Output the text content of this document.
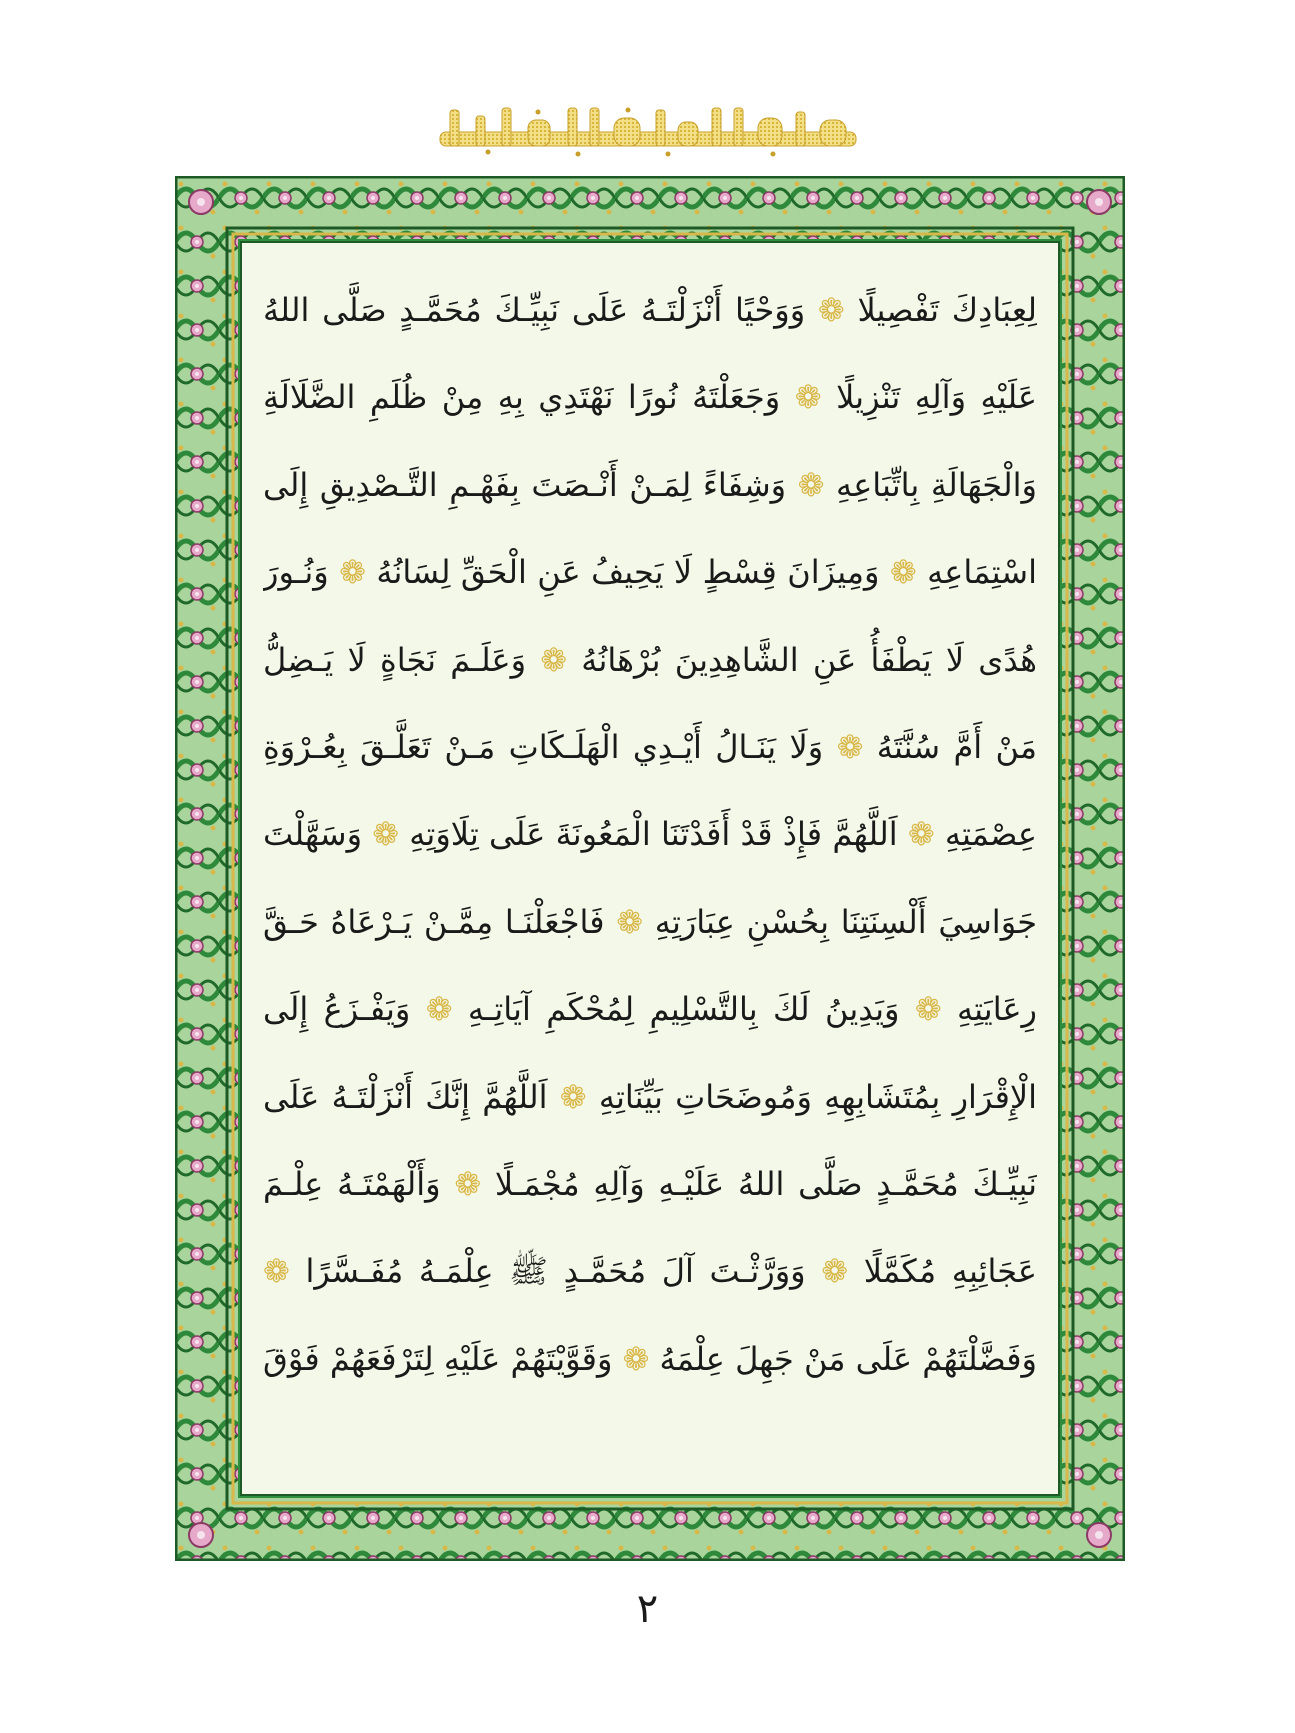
لِعِبَادِكَ تَفْصِيلًا ❁ وَوَحْيًا أَنْزَلْتَـهُ عَلَى نَبِيِّـكَ مُحَمَّـدٍ صَلَّى اللهُ
عَلَيْهِ وَآلِهِ تَنْزِيلًا ❁ وَجَعَلْتَهُ نُورًا نَهْتَدِي بِهِ مِنْ ظُلَمِ الضَّلَالَةِ
وَالْجَهَالَةِ بِاتِّبَاعِهِ ❁ وَشِفَاءً لِمَـنْ أَنْـصَتَ بِفَهْـمِ التَّـصْدِيقِ إِلَى
اسْتِمَاعِهِ ❁ وَمِيزَانَ قِسْطٍ لَا يَحِيفُ عَنِ الْحَقِّ لِسَانُهُ ❁ وَنُـورَ
هُدًى لَا يَطْفَأُ عَنِ الشَّاهِدِينَ بُرْهَانُهُ ❁ وَعَلَـمَ نَجَاةٍ لَا يَـضِلُّ
مَنْ أَمَّ سُنَّتَهُ ❁ وَلَا يَنَـالُ أَيْـدِي الْهَلَـكَاتِ مَـنْ تَعَلَّـقَ بِعُـرْوَةِ
عِصْمَتِهِ ❁ اَللَّهُمَّ فَإِذْ قَدْ أَفَدْتَنَا الْمَعُونَةَ عَلَى تِلَاوَتِهِ ❁ وَسَهَّلْتَ
جَوَاسِيَ أَلْسِنَتِنَا بِحُسْنِ عِبَارَتِهِ ❁ فَاجْعَلْنَـا مِمَّـنْ يَـرْعَاهُ حَـقَّ
رِعَايَتِهِ ❁ وَيَدِينُ لَكَ بِالتَّسْلِيمِ لِمُحْكَمِ آيَاتِـهِ ❁ وَيَفْـزَعُ إِلَى
الْإِقْرَارِ بِمُتَشَابِهِهِ وَمُوضَحَاتِ بَيِّنَاتِهِ ❁ اَللَّهُمَّ إِنَّكَ أَنْزَلْتَـهُ عَلَى
نَبِيِّـكَ مُحَمَّـدٍ صَلَّى اللهُ عَلَيْـهِ وَآلِهِ مُجْمَـلًا ❁ وَأَلْهَمْتَـهُ عِلْـمَ
عَجَائِبِهِ مُكَمَّلًا ❁ وَوَرَّثْـتَ آلَ مُحَمَّـدٍ ﷺ عِلْمَـهُ مُفَـسَّرًا ❁
وَفَضَّلْتَهُمْ عَلَى مَنْ جَهِلَ عِلْمَهُ ❁ وَقَوَّيْتَهُمْ عَلَيْهِ لِتَرْفَعَهُمْ فَوْقَ
٢
